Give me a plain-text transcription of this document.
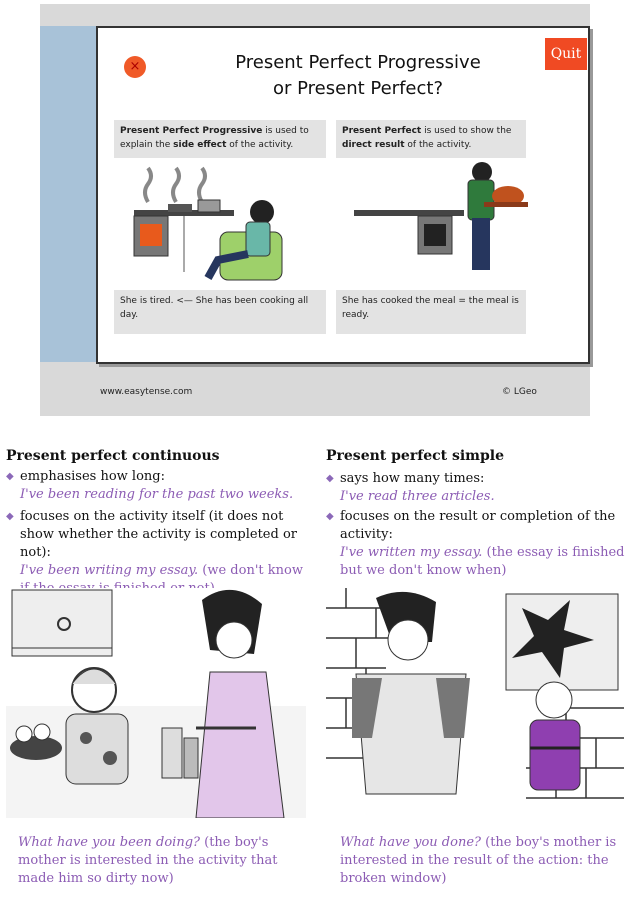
×	Present Perfect Progressive
or Present Perfect?
Present Perfect Progressive is used to explain the side effect of the activity.
Present Perfect is used to show the direct result of the activity.
She is tired. <— She has been cooking all day.
She has cooked the meal = the meal is ready.
Quit
www.easytense.com	© LGeo
Present perfect continuous
◆ emphasises how long:
I've been reading for the past two weeks.
◆ focuses on the activity itself (it does not show whether the activity is completed or not):
I've been writing my essay. (we don't know
What have you been doing? (the boy's mother is interested in the activity that made him so dirty now)
Present perfect simple
◆ says how many times:
I've read three articles.
◆ focuses on the result or completion of the activity:
I've written my essay. (the essay is finished but we don't know when)
What have you done? (the boy's mother is interested in the result of the action: the broken window)
